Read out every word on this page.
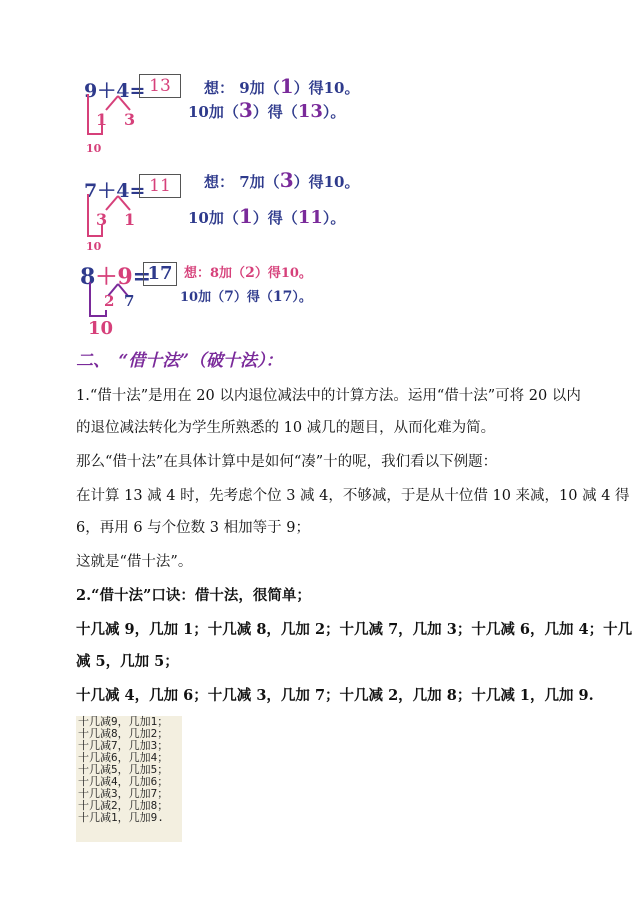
9＋4= 13
1 3
10
想： 9加（1）得10。
10加（3）得（13）。
7＋4= 11
3 1
10
想： 7加（3）得10。
10加（1）得（11）。
8＋9=
17
2 7
10
想：8加（2）得10。
10加（7）得（17）。
二、　“借十法”（破十法）：
1.“借十法”是用在 20 以内退位减法中的计算方法。运用“借十法”可将 20 以内
的退位减法转化为学生所熟悉的 10 减几的题目，从而化难为简。
那么“借十法”在具体计算中是如何“凑”十的呢，我们看以下例题：
在计算 13 减 4 时，先考虑个位 3 减 4，不够减，于是从十位借 10 来减，10 减 4 得
6，再用 6 与个位数 3 相加等于 9；
这就是“借十法”。
2.“借十法”口诀：借十法，很简单；
十几减 9，几加 1；十几减 8，几加 2；十几减 7，几加 3；十几减 6，几加 4；十几
减 5，几加 5；
十几减 4，几加 6；十几减 3，几加 7；十几减 2，几加 8；十几减 1，几加 9.
十几减9，几加1；
十几减8，几加2；
十几减7，几加3；
十几减6，几加4；
十几减5，几加5；
十几减4，几加6；
十几减3，几加7；
十几减2，几加8；
十几减1，几加9.
